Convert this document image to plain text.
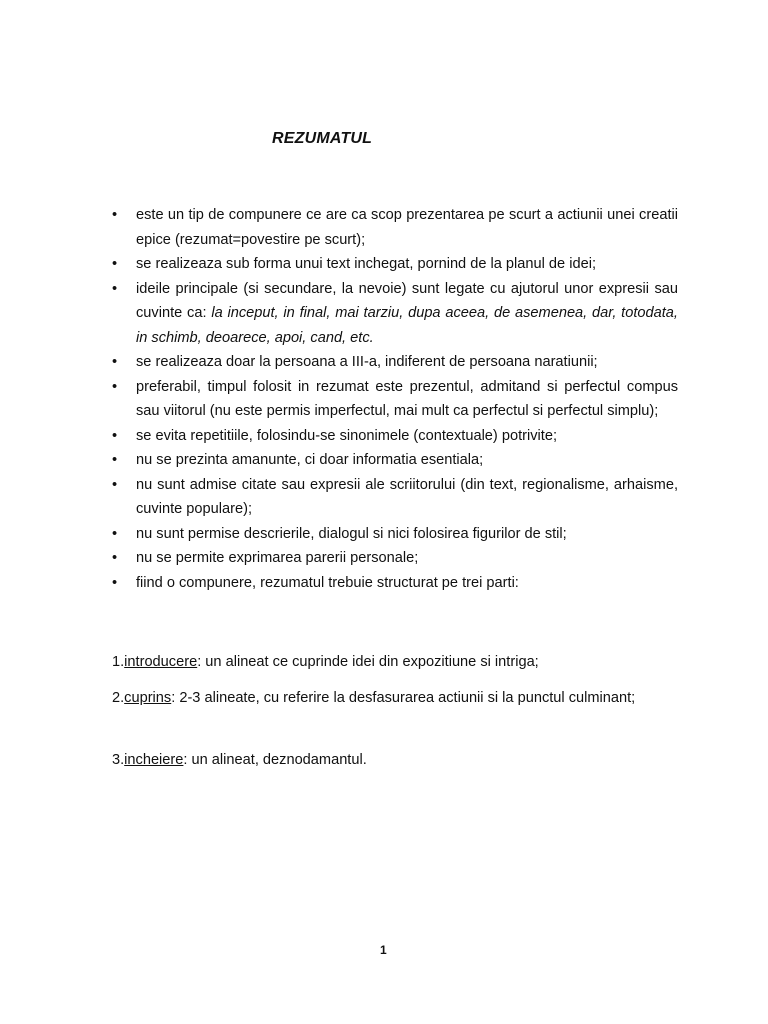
REZUMATUL
• este un tip de compunere ce are ca scop prezentarea pe scurt a actiunii unei creatii epice (rezumat=povestire pe scurt);
• se realizeaza sub forma unui text inchegat, pornind de la planul de idei;
• ideile principale (si secundare, la nevoie) sunt legate cu ajutorul unor expresii sau cuvinte ca: la inceput, in final, mai tarziu, dupa aceea, de asemenea, dar, totodata, in schimb, deoarece, apoi, cand, etc.
• se realizeaza doar la persoana a III-a, indiferent de persoana naratiunii;
• preferabil, timpul folosit in rezumat este prezentul, admitand si perfectul compus sau viitorul (nu este permis imperfectul, mai mult ca perfectul si perfectul simplu);
• se evita repetitiile, folosindu-se sinonimele (contextuale) potrivite;
• nu se prezinta amanunte, ci doar informatia esentiala;
• nu sunt admise citate sau expresii ale scriitorului (din text, regionalisme, arhaisme, cuvinte populare);
• nu sunt permise descrierile, dialogul si nici folosirea figurilor de stil;
• nu se permite exprimarea parerii personale;
• fiind o compunere, rezumatul trebuie structurat pe trei parti:
1.introducere: un alineat ce cuprinde idei din expozitiune si intriga;
2.cuprins: 2-3 alineate, cu referire la desfasurarea actiunii si la punctul culminant;
3.incheiere: un alineat, deznodamantul.
1
